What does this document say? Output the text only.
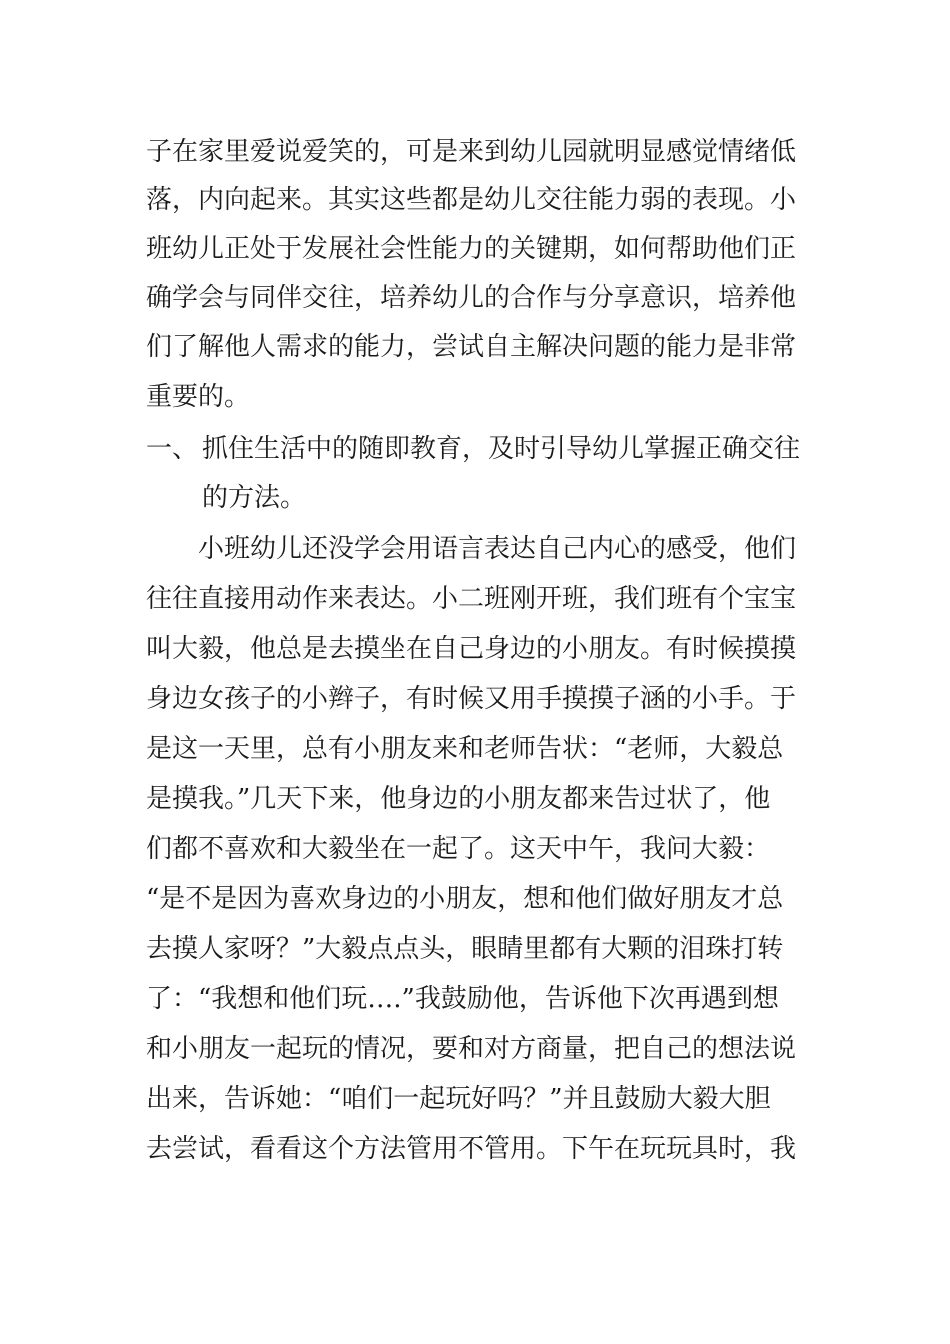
子在家里爱说爱笑的，可是来到幼儿园就明显感觉情绪低
落，内向起来。其实这些都是幼儿交往能力弱的表现。小
班幼儿正处于发展社会性能力的关键期，如何帮助他们正
确学会与同伴交往，培养幼儿的合作与分享意识，培养他
们了解他人需求的能力，尝试自主解决问题的能力是非常
重要的。
一、 抓住生活中的随即教育，及时引导幼儿掌握正确交往
的方法。
小班幼儿还没学会用语言表达自己内心的感受，他们
往往直接用动作来表达。小二班刚开班，我们班有个宝宝
叫大毅，他总是去摸坐在自己身边的小朋友。有时候摸摸
身边女孩子的小辫子，有时候又用手摸摸子涵的小手。于
是这一天里，总有小朋友来和老师告状：“老师，大毅总
是摸我。”几天下来，他身边的小朋友都来告过状了，他
们都不喜欢和大毅坐在一起了。这天中午，我问大毅：
“是不是因为喜欢身边的小朋友，想和他们做好朋友才总
去摸人家呀？”大毅点点头，眼睛里都有大颗的泪珠打转
了：“我想和他们玩….”我鼓励他，告诉他下次再遇到想
和小朋友一起玩的情况，要和对方商量，把自己的想法说
出来，告诉她：“咱们一起玩好吗？”并且鼓励大毅大胆
去尝试，看看这个方法管用不管用。下午在玩玩具时，我
